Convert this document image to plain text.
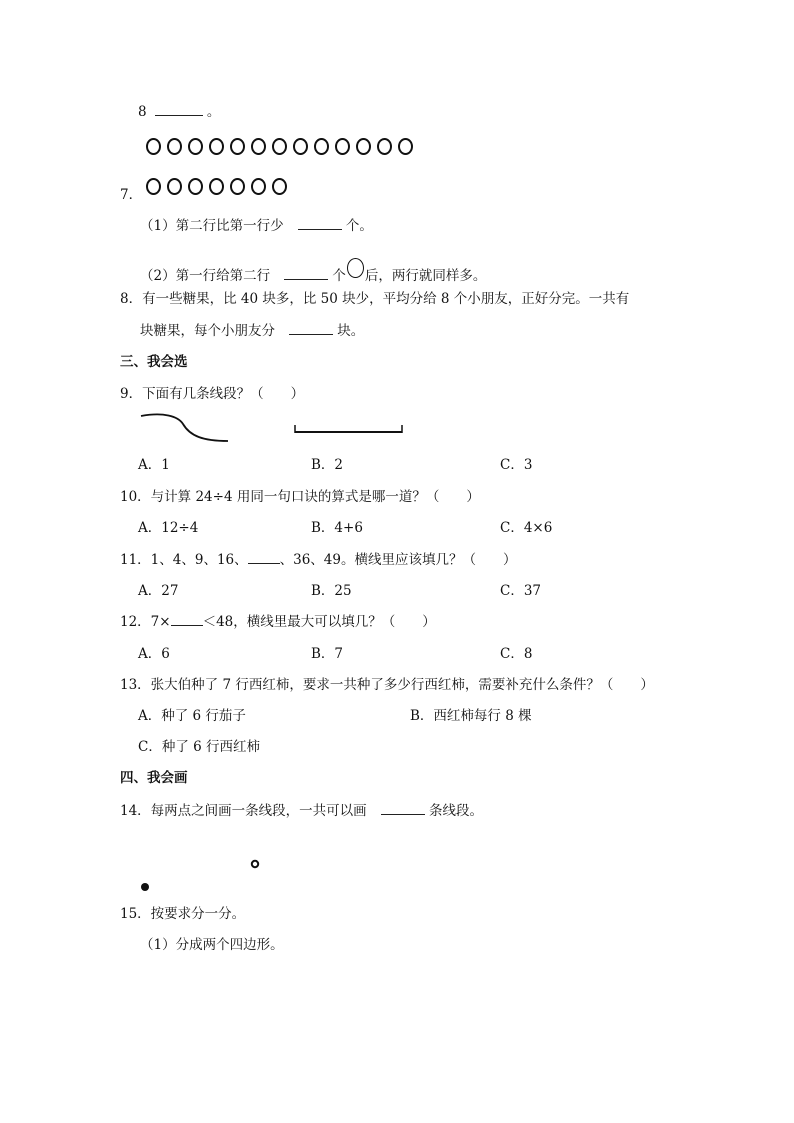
8	。
7．
（1）第二行比第一行少	个。
（2）第一行给第二行	个 后，两行就同样多。
8．有一些糖果，比 40 块多，比 50 块少，平均分给 8 个小朋友，正好分完。一共有
块糖果，每个小朋友分	块。
三、我会选
9．下面有几条线段？（　　）
A．1	B．2	C．3
10．与计算 24÷4 用同一句口诀的算式是哪一道？（　　）
A．12÷4	B．4+6	C．4×6
11．1、4、9、16、 、36、49。横线里应该填几？（　　）
A．27	B．25	C．37
12．7× ＜48，横线里最大可以填几？（　　）
A．6	B．7	C．8
13．张大伯种了 7 行西红柿，要求一共种了多少行西红柿，需要补充什么条件？（　　）
A．种了 6 行茄子	B．西红柿每行 8 棵
C．种了 6 行西红柿
四、我会画
14．每两点之间画一条线段，一共可以画	条线段。
15．按要求分一分。
（1）分成两个四边形。
